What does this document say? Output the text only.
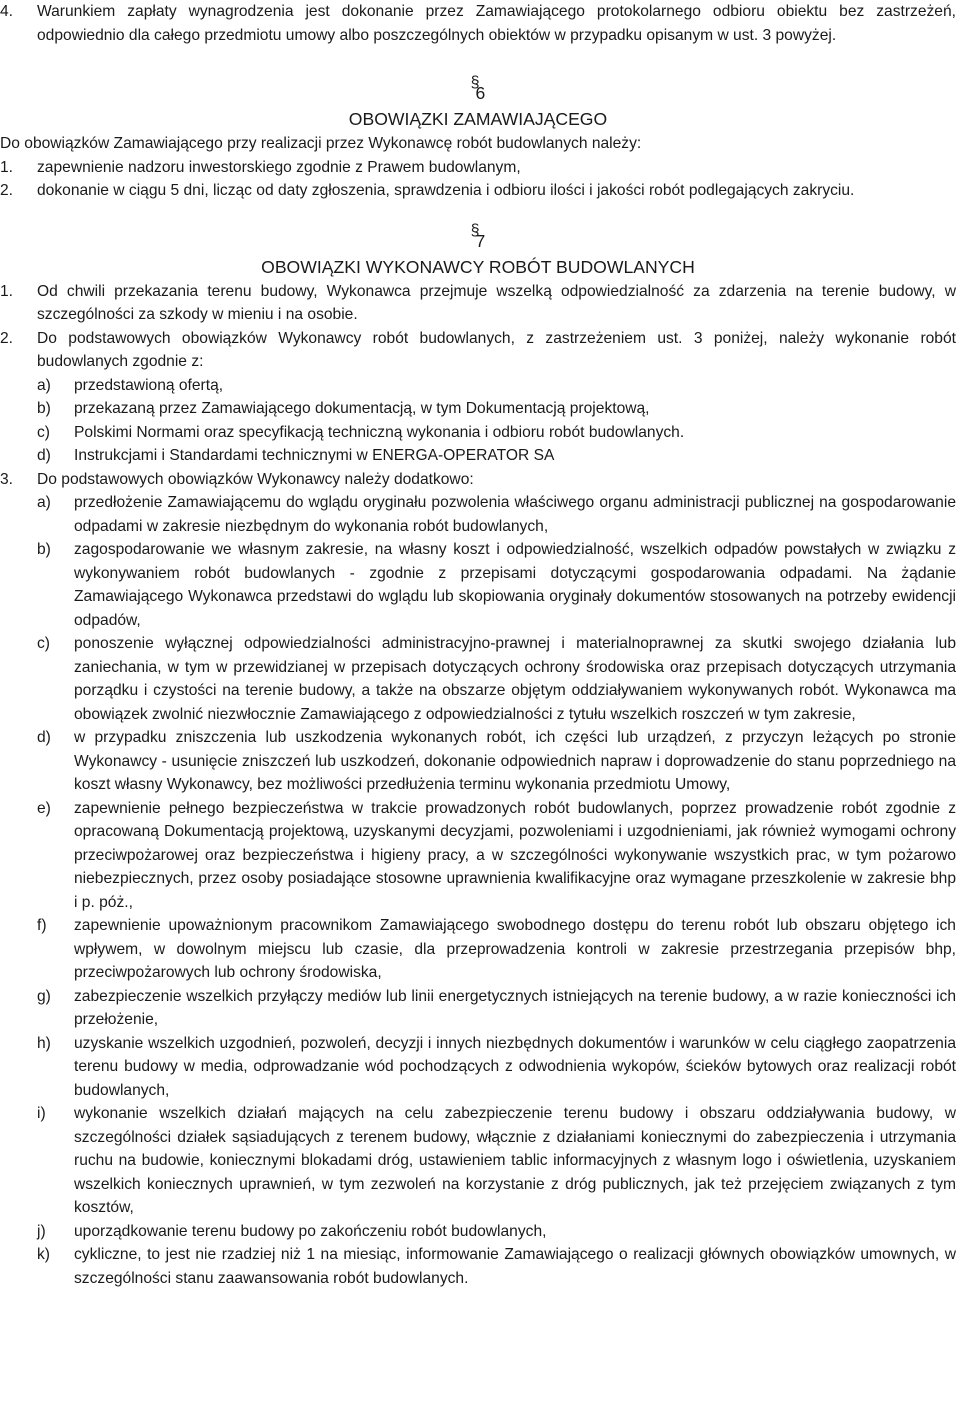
4. Warunkiem zapłaty wynagrodzenia jest dokonanie przez Zamawiającego protokolarnego odbioru obiektu bez zastrzeżeń, odpowiednio dla całego przedmiotu umowy albo poszczególnych obiektów w przypadku opisanym w ust. 3 powyżej.
§6
OBOWIĄZKI ZAMAWIAJĄCEGO
Do obowiązków Zamawiającego przy realizacji przez Wykonawcę robót budowlanych należy:
1. zapewnienie nadzoru inwestorskiego zgodnie z Prawem budowlanym,
2. dokonanie w ciągu 5 dni, licząc od daty zgłoszenia, sprawdzenia i odbioru ilości i jakości robót podlegających zakryciu.
§7
OBOWIĄZKI WYKONAWCY ROBÓT BUDOWLANYCH
1. Od chwili przekazania terenu budowy, Wykonawca przejmuje wszelką odpowiedzialność za zdarzenia na terenie budowy, w szczególności za szkody w mieniu i na osobie.
2. Do podstawowych obowiązków Wykonawcy robót budowlanych, z zastrzeżeniem ust. 3 poniżej, należy wykonanie robót budowlanych zgodnie z:
a) przedstawioną ofertą,
b) przekazaną przez Zamawiającego dokumentacją, w tym Dokumentacją projektową,
c) Polskimi Normami oraz specyfikacją techniczną wykonania i odbioru robót budowlanych.
d) Instrukcjami i Standardami technicznymi w ENERGA-OPERATOR SA
3. Do podstawowych obowiązków Wykonawcy należy dodatkowo:
a) przedłożenie Zamawiającemu do wglądu oryginału pozwolenia właściwego organu administracji publicznej na gospodarowanie odpadami w zakresie niezbędnym do wykonania robót budowlanych,
b) zagospodarowanie we własnym zakresie, na własny koszt i odpowiedzialność, wszelkich odpadów powstałych w związku z wykonywaniem robót budowlanych - zgodnie z przepisami dotyczącymi gospodarowania odpadami. Na żądanie Zamawiającego Wykonawca przedstawi do wglądu lub skopiowania oryginały dokumentów stosowanych na potrzeby ewidencji odpadów,
c) ponoszenie wyłącznej odpowiedzialności administracyjno-prawnej i materialnoprawnej za skutki swojego działania lub zaniechania, w tym w przewidzianej w przepisach dotyczących ochrony środowiska oraz przepisach dotyczących utrzymania porządku i czystości na terenie budowy, a także na obszarze objętym oddziaływaniem wykonywanych robót. Wykonawca ma obowiązek zwolnić niezwłocznie Zamawiającego z odpowiedzialności z tytułu wszelkich roszczeń w tym zakresie,
d) w przypadku zniszczenia lub uszkodzenia wykonanych robót, ich części lub urządzeń, z przyczyn leżących po stronie Wykonawcy - usunięcie zniszczeń lub uszkodzeń, dokonanie odpowiednich napraw i doprowadzenie do stanu poprzedniego na koszt własny Wykonawcy, bez możliwości przedłużenia terminu wykonania przedmiotu Umowy,
e) zapewnienie pełnego bezpieczeństwa w trakcie prowadzonych robót budowlanych, poprzez prowadzenie robót zgodnie z opracowaną Dokumentacją projektową, uzyskanymi decyzjami, pozwoleniami i uzgodnieniami, jak również wymogami ochrony przeciwpożarowej oraz bezpieczeństwa i higieny pracy, a w szczególności wykonywanie wszystkich prac, w tym pożarowo niebezpiecznych, przez osoby posiadające stosowne uprawnienia kwalifikacyjne oraz wymagane przeszkolenie w zakresie bhp i p. póż.,
f) zapewnienie upoważnionym pracownikom Zamawiającego swobodnego dostępu do terenu robót lub obszaru objętego ich wpływem, w dowolnym miejscu lub czasie, dla przeprowadzenia kontroli w zakresie przestrzegania przepisów bhp, przeciwpożarowych lub ochrony środowiska,
g) zabezpieczenie wszelkich przyłączy mediów lub linii energetycznych istniejących na terenie budowy, a w razie konieczności ich przełożenie,
h) uzyskanie wszelkich uzgodnień, pozwoleń, decyzji i innych niezbędnych dokumentów i warunków w celu ciągłego zaopatrzenia terenu budowy w media, odprowadzanie wód pochodzących z odwodnienia wykopów, ścieków bytowych oraz realizacji robót budowlanych,
i) wykonanie wszelkich działań mających na celu zabezpieczenie terenu budowy i obszaru oddziaływania budowy, w szczególności działek sąsiadujących z terenem budowy, włącznie z działaniami koniecznymi do zabezpieczenia i utrzymania ruchu na budowie, koniecznymi blokadami dróg, ustawieniem tablic informacyjnych z własnym logo i oświetlenia, uzyskaniem wszelkich koniecznych uprawnień, w tym zezwoleń na korzystanie z dróg publicznych, jak też przejęciem związanych z tym kosztów,
j) uporządkowanie terenu budowy po zakończeniu robót budowlanych,
k) cykliczne, to jest nie rzadziej niż 1 na miesiąc, informowanie Zamawiającego o realizacji głównych obowiązków umownych, w szczególności stanu zaawansowania robót budowlanych.
